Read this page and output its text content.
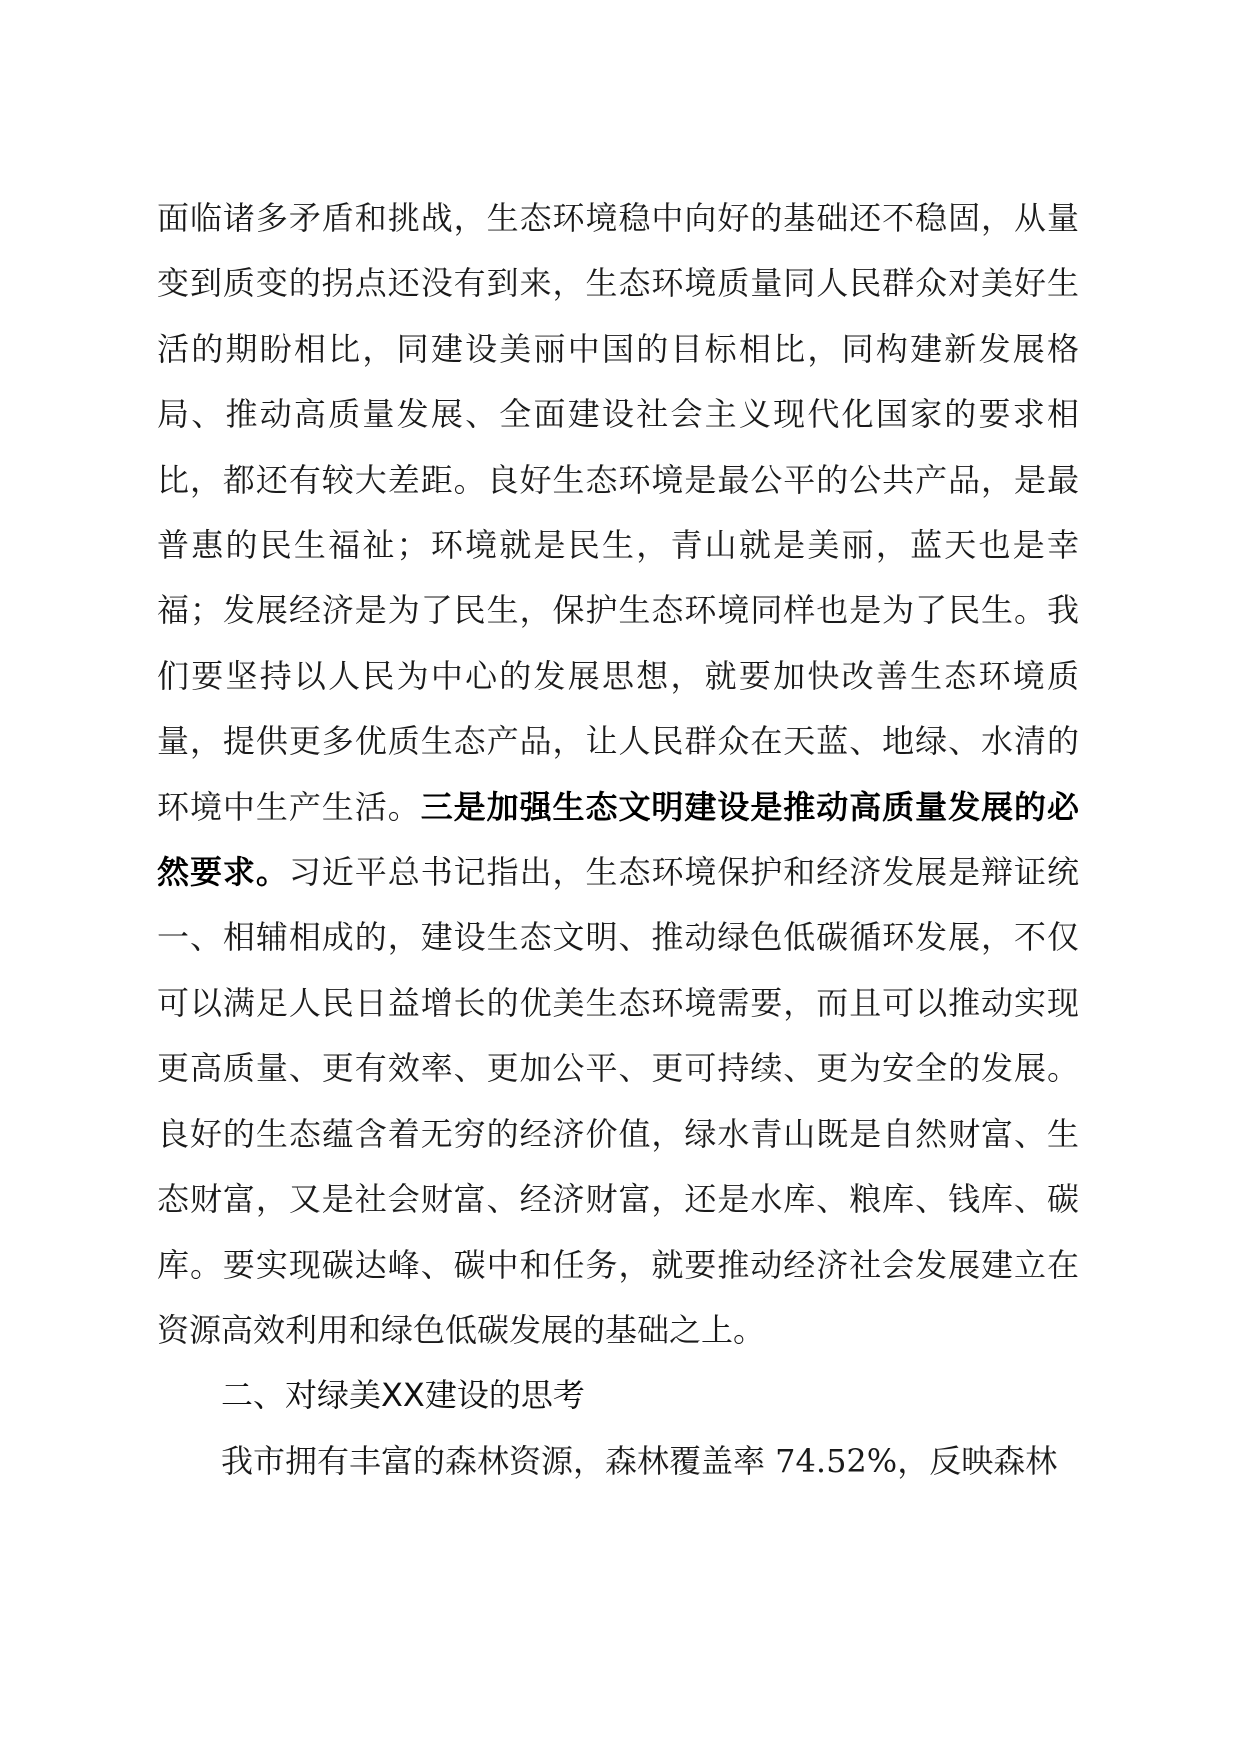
面临诸多矛盾和挑战，生态环境稳中向好的基础还不稳固，从量变到质变的拐点还没有到来，生态环境质量同人民群众对美好生活的期盼相比，同建设美丽中国的目标相比，同构建新发展格局、推动高质量发展、全面建设社会主义现代化国家的要求相比，都还有较大差距。良好生态环境是最公平的公共产品，是最普惠的民生福祉；环境就是民生，青山就是美丽，蓝天也是幸福；发展经济是为了民生，保护生态环境同样也是为了民生。我们要坚持以人民为中心的发展思想，就要加快改善生态环境质量，提供更多优质生态产品，让人民群众在天蓝、地绿、水清的环境中生产生活。三是加强生态文明建设是推动高质量发展的必然要求。习近平总书记指出，生态环境保护和经济发展是辩证统一、相辅相成的，建设生态文明、推动绿色低碳循环发展，不仅可以满足人民日益增长的优美生态环境需要，而且可以推动实现更高质量、更有效率、更加公平、更可持续、更为安全的发展。良好的生态蕴含着无穷的经济价值，绿水青山既是自然财富、生态财富，又是社会财富、经济财富，还是水库、粮库、钱库、碳库。要实现碳达峰、碳中和任务，就要推动经济社会发展建立在资源高效利用和绿色低碳发展的基础之上。

二、对绿美XX建设的思考

我市拥有丰富的森林资源，森林覆盖率 74.52%，反映森林
